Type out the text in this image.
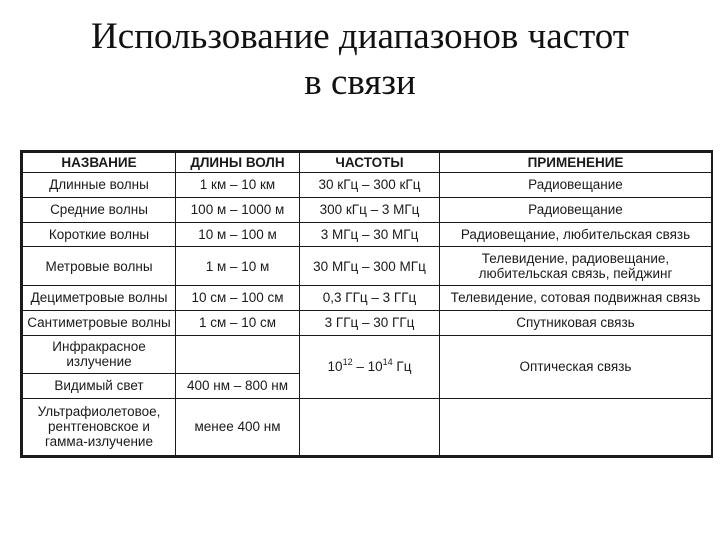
Использование диапазонов частот
в связи
НАЗВАНИЕ	ДЛИНЫ ВОЛН	ЧАСТОТЫ	ПРИМЕНЕНИЕ
Длинные волны	1 км – 10 км	30 кГц – 300 кГц	Радиовещание
Средние волны	100 м – 1000 м	300 кГц – 3 МГц	Радиовещание
Короткие волны	10 м – 100 м	3 МГц – 30 МГц	Радиовещание, любительская связь
Метровые волны	1 м – 10 м	30 МГц – 300 МГц	Телевидение, радиовещание, любительская связь, пейджинг
Дециметровые волны	10 см – 100 см	0,3 ГГц – 3 ГГц	Телевидение, сотовая подвижная связь
Сантиметровые волны	1 см – 10 см	3 ГГц – 30 ГГц	Спутниковая связь
Инфракрасное излучение		$10^{12} - 10^{14}$ Гц	Оптическая связь
Видимый свет	400 нм – 800 нм		
Ультрафиолетовое, рентгеновское и гамма-излучение	менее 400 нм		
